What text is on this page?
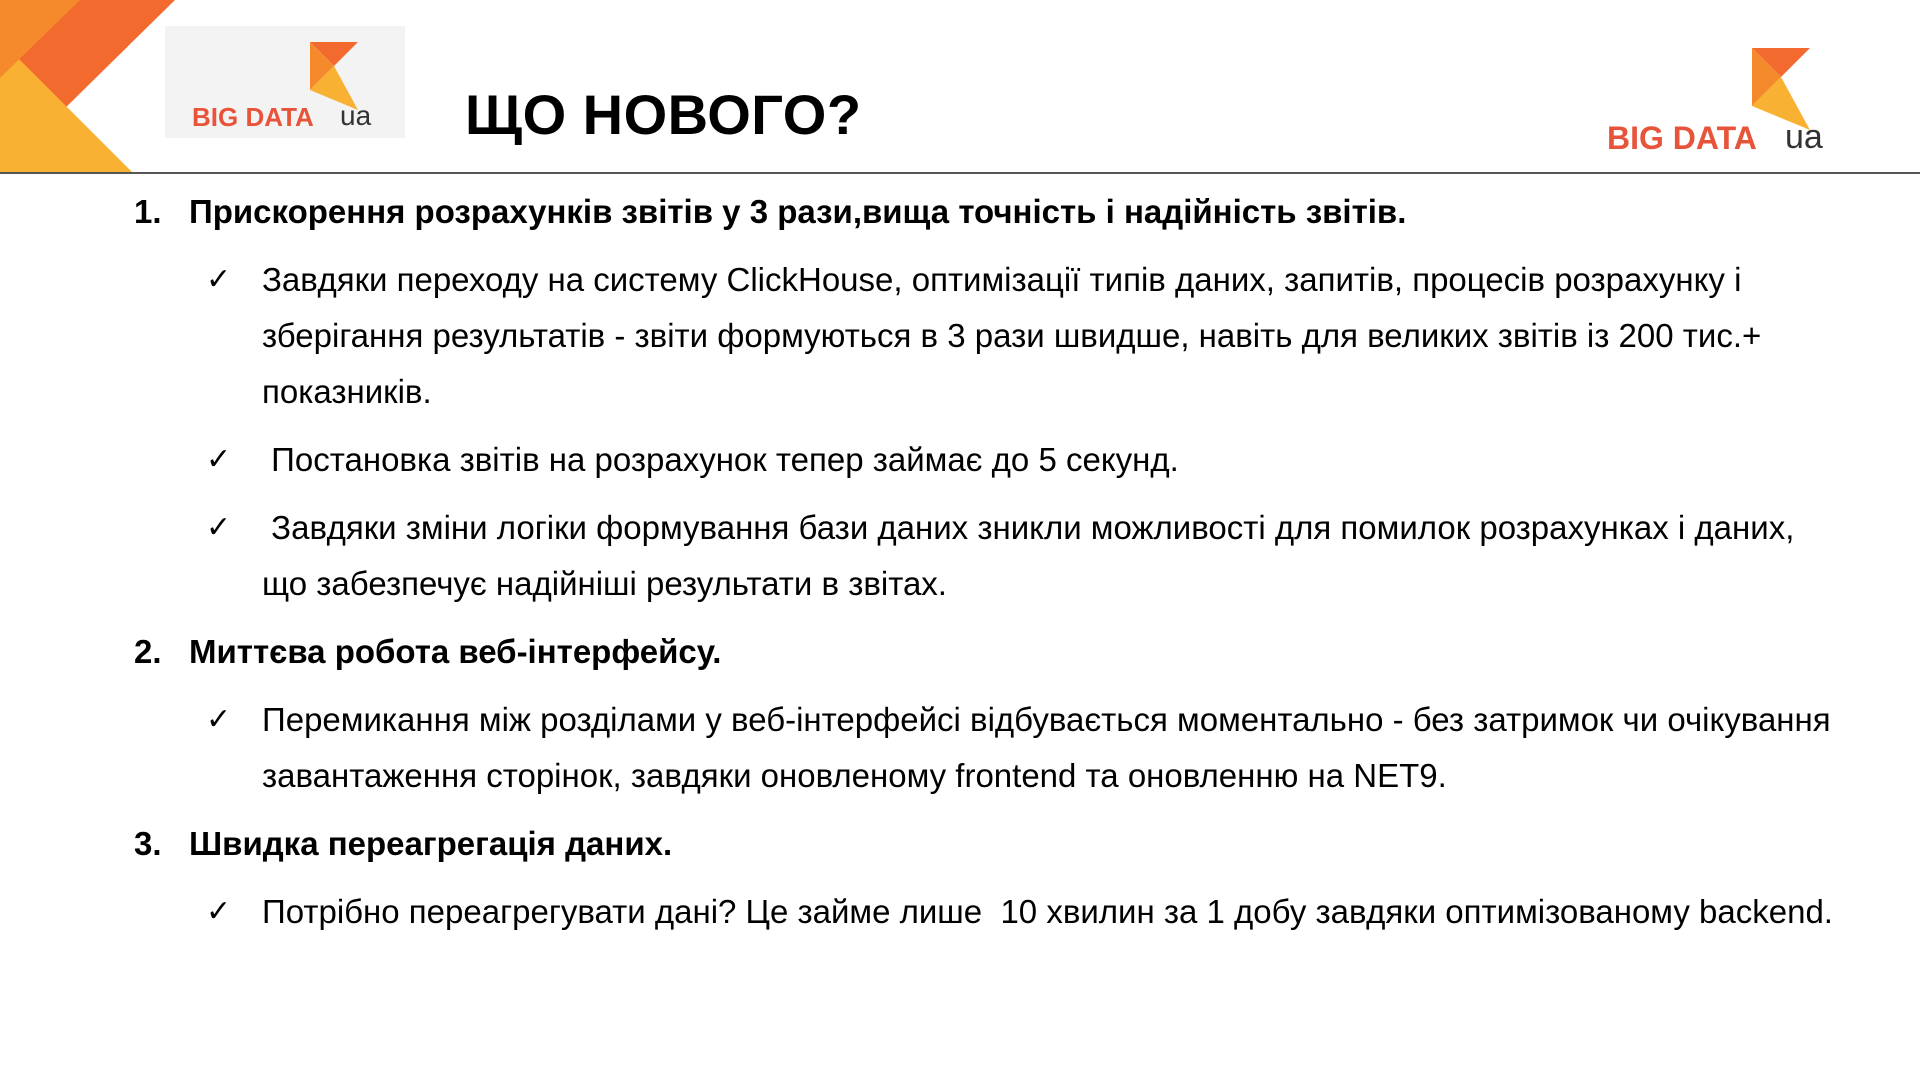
BIG DATA ua ЩО НОВОГО?	BIG DATA ua
1. Прискорення розрахунків звітів у 3 рази,вища точність і надійність звітів.
✓ Завдяки переходу на систему ClickHouse, оптимізації типів даних, запитів, процесів розрахунку і зберігання результатів - звіти формуються в 3 рази швидше, навіть для великих звітів із 200 тис.+ показників.
✓ Постановка звітів на розрахунок тепер займає до 5 секунд.
✓ Завдяки зміни логіки формування бази даних зникли можливості для помилок розрахунках і даних, що забезпечує надійніші результати в звітах.
2. Миттєва робота веб-інтерфейсу.
✓ Перемикання між розділами у веб-інтерфейсі відбувається моментально - без затримок чи очікування завантаження сторінок, завдяки оновленому frontend та оновленню на NET9.
3. Швидка переагрегація даних.
✓ Потрібно переагрегувати дані? Це займе лише  10 хвилин за 1 добу завдяки оптимізованому backend.
